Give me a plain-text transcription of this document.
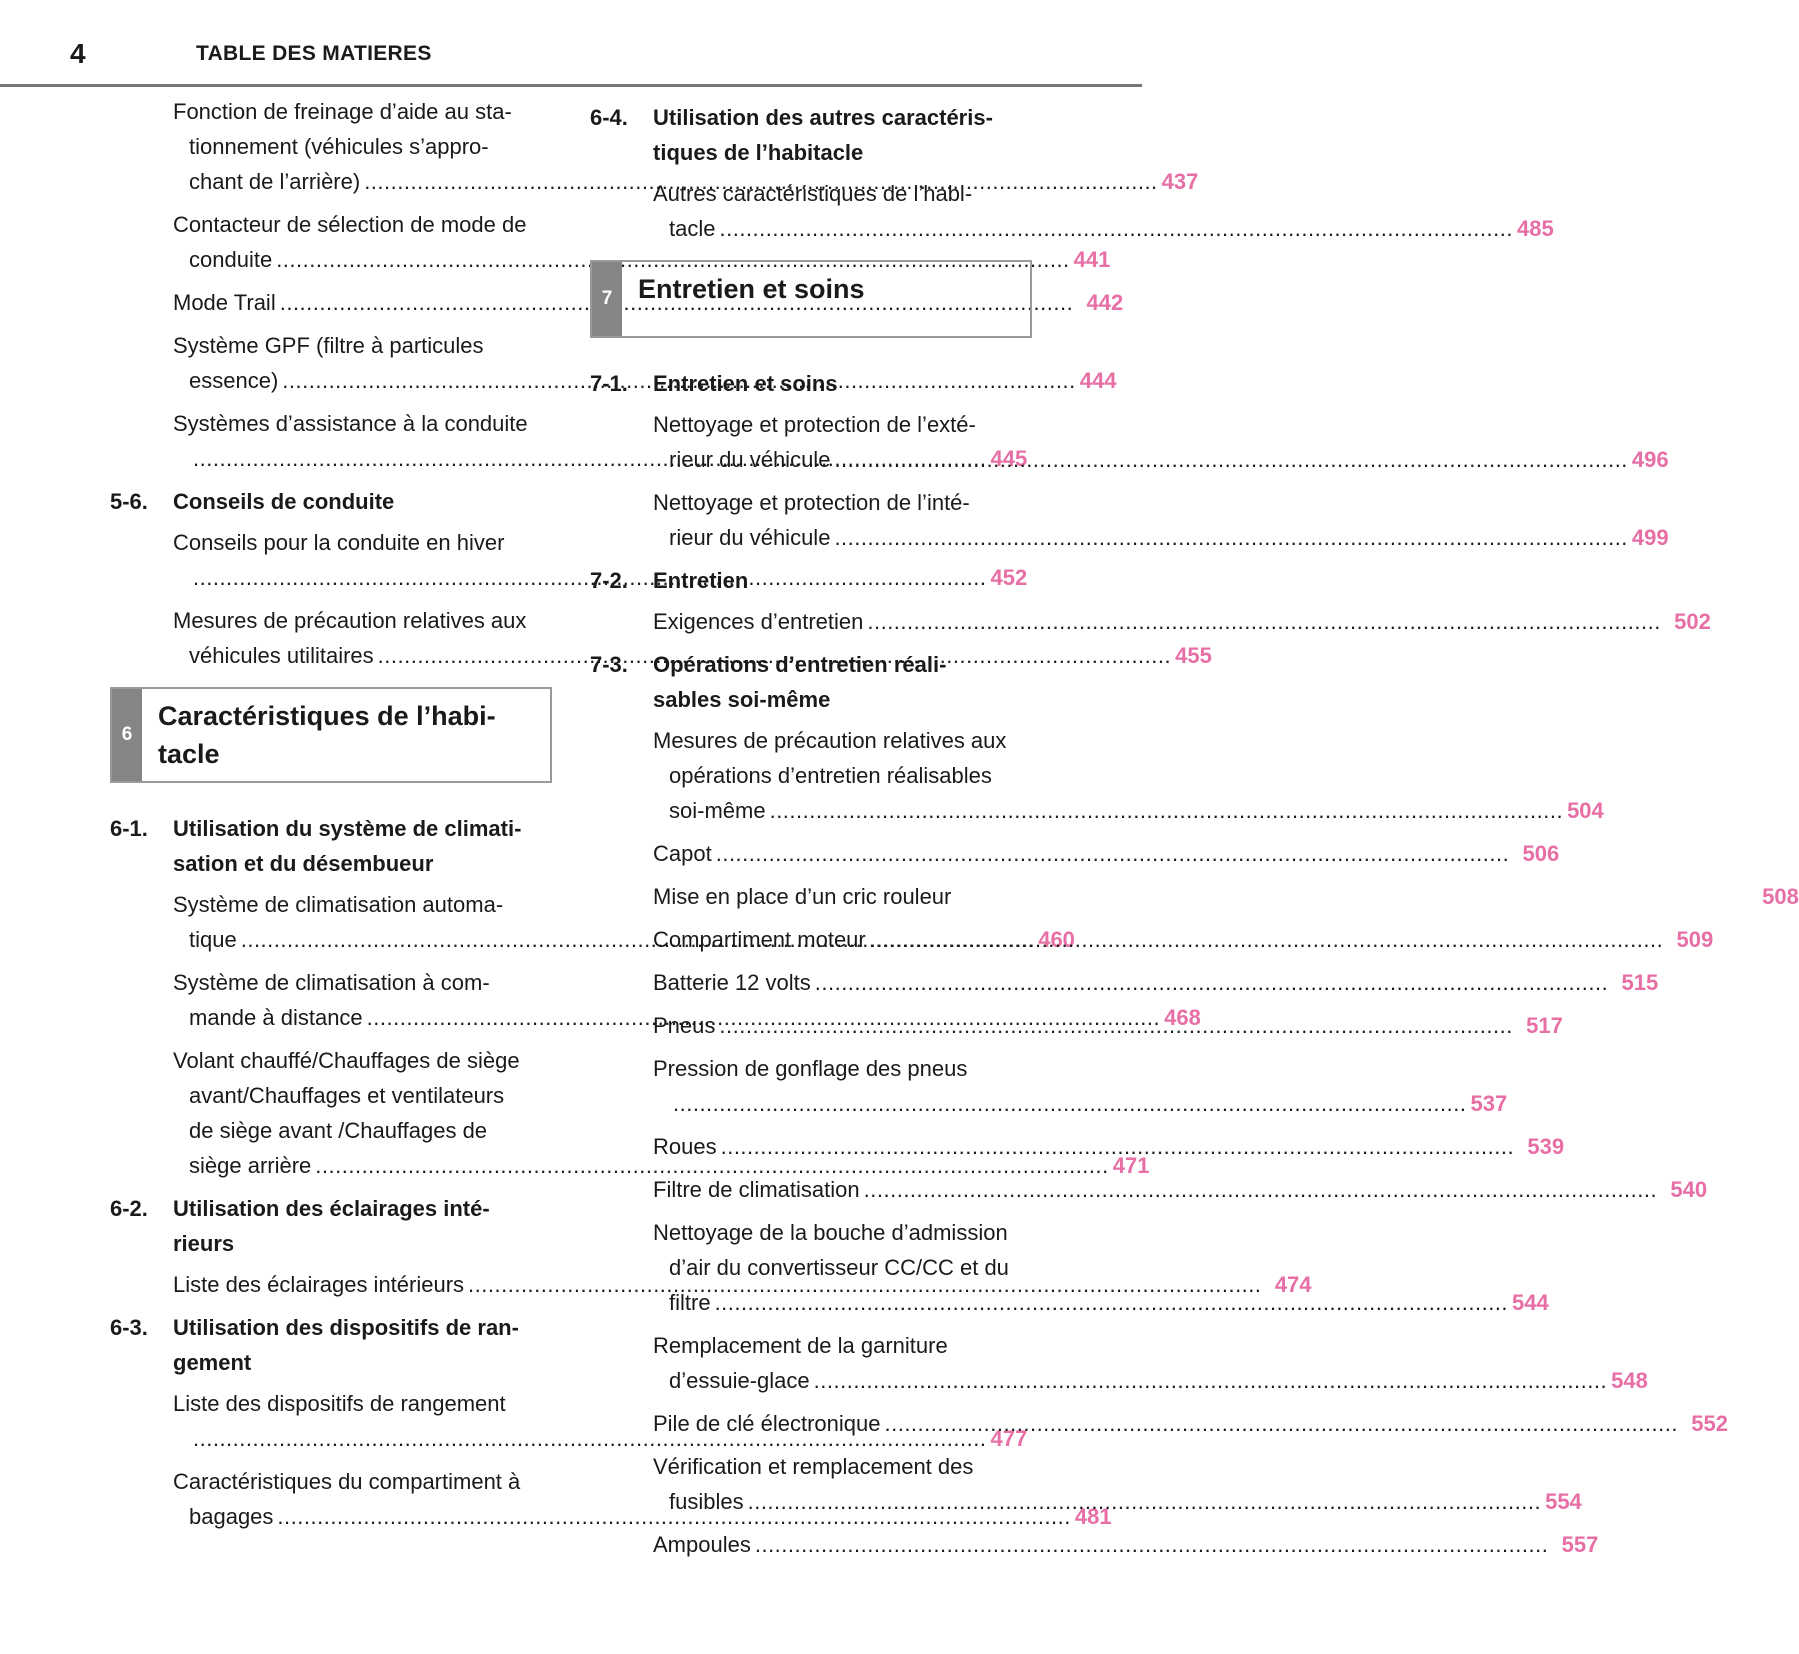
4	TABLE DES MATIERES
Fonction de freinage d’aide au sta-
tionnement (véhicules s’appro-
chant de l’arrière) .....	437
Contacteur de sélection de mode de
conduite .....	441
Mode Trail .....	442
Système GPF (filtre à particules
essence) .....	444
Systèmes d’assistance à la conduite
..... 445
5-6.	Conseils de conduite
Conseils pour la conduite en hiver
..... 452
Mesures de précaution relatives aux
véhicules utilitaires .....	455
6
Caractéristiques de l’habi-
tacle
6-1.	Utilisation du système de climati-
sation et du désembueur
Système de climatisation automa-
tique .....	460
Système de climatisation à com-
mande à distance .....	468
Volant chauffé/Chauffages de siège
avant/Chauffages et ventilateurs
de siège avant /Chauffages de
siège arrière .....	471
6-2.	Utilisation des éclairages inté-
rieurs
Liste des éclairages intérieurs .....	474
6-3.	Utilisation des dispositifs de ran-
gement
Liste des dispositifs de rangement
..... 477
Caractéristiques du compartiment à
bagages .....	481
6-4.	Utilisation des autres caractéris-
tiques de l’habitacle
Autres caractéristiques de l’habi-
tacle .....	485
7 Entretien et soins
7-1.	Entretien et soins
Nettoyage et protection de l’exté-
rieur du véhicule .....	496
Nettoyage et protection de l’inté-
rieur du véhicule .....	499
7-2.	Entretien
Exigences d’entretien .....	502
7-3.	Opérations d’entretien réali-
sables soi-même
Mesures de précaution relatives aux
opérations d’entretien réalisables
soi-même .....	504
Capot .....	506
Mise en place d’un cric rouleur	508
Compartiment moteur .....	509
Batterie 12 volts .....	515
Pneus .....	517
Pression de gonflage des pneus
..... 537
Roues .....	539
Filtre de climatisation .....	540
Nettoyage de la bouche d’admission
d’air du convertisseur CC/CC et du
filtre .....	544
Remplacement de la garniture
d’essuie-glace .....	548
Pile de clé électronique .....	552
Vérification et remplacement des
fusibles .....	554
Ampoules .....	557
